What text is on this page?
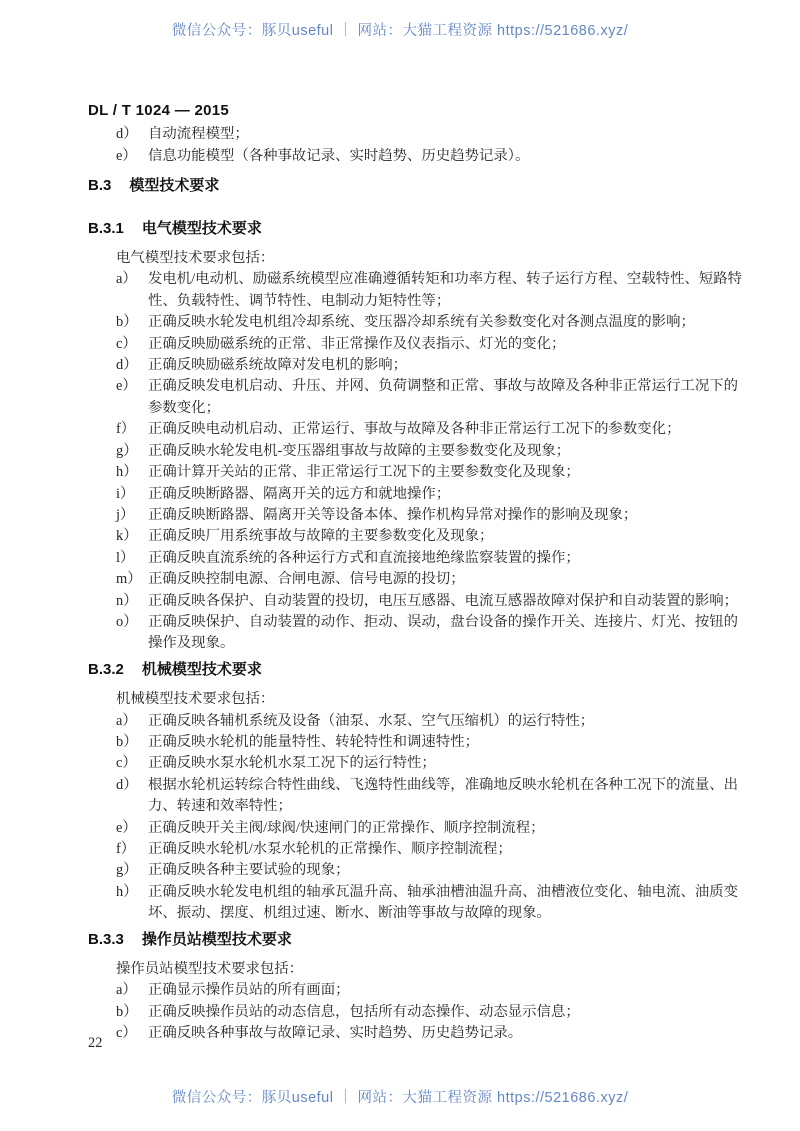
微信公众号：豚贝useful ｜ 网站：大猫工程资源 https://521686.xyz/
DL / T 1024 — 2015
d） 自动流程模型；
e） 信息功能模型（各种事故记录、实时趋势、历史趋势记录）。
B.3 模型技术要求
B.3.1 电气模型技术要求
电气模型技术要求包括：
a） 发电机/电动机、励磁系统模型应准确遵循转矩和功率方程、转子运行方程、空载特性、短路特性、负载特性、调节特性、电制动力矩特性等；
b） 正确反映水轮发电机组冷却系统、变压器冷却系统有关参数变化对各测点温度的影响；
c） 正确反映励磁系统的正常、非正常操作及仪表指示、灯光的变化；
d） 正确反映励磁系统故障对发电机的影响；
e） 正确反映发电机启动、升压、并网、负荷调整和正常、事故与故障及各种非正常运行工况下的参数变化；
f） 正确反映电动机启动、正常运行、事故与故障及各种非正常运行工况下的参数变化；
g） 正确反映水轮发电机-变压器组事故与故障的主要参数变化及现象；
h） 正确计算开关站的正常、非正常运行工况下的主要参数变化及现象；
i） 正确反映断路器、隔离开关的远方和就地操作；
j） 正确反映断路器、隔离开关等设备本体、操作机构异常对操作的影响及现象；
k） 正确反映厂用系统事故与故障的主要参数变化及现象；
l） 正确反映直流系统的各种运行方式和直流接地绝缘监察装置的操作；
m） 正确反映控制电源、合闸电源、信号电源的投切；
n） 正确反映各保护、自动装置的投切，电压互感器、电流互感器故障对保护和自动装置的影响；
o） 正确反映保护、自动装置的动作、拒动、误动，盘台设备的操作开关、连接片、灯光、按钮的操作及现象。
B.3.2 机械模型技术要求
机械模型技术要求包括：
a） 正确反映各辅机系统及设备（油泵、水泵、空气压缩机）的运行特性；
b） 正确反映水轮机的能量特性、转轮特性和调速特性；
c） 正确反映水泵水轮机水泵工况下的运行特性；
d） 根据水轮机运转综合特性曲线、飞逸特性曲线等，准确地反映水轮机在各种工况下的流量、出力、转速和效率特性；
e） 正确反映开关主阀/球阀/快速闸门的正常操作、顺序控制流程；
f） 正确反映水轮机/水泵水轮机的正常操作、顺序控制流程；
g） 正确反映各种主要试验的现象；
h） 正确反映水轮发电机组的轴承瓦温升高、轴承油槽油温升高、油槽液位变化、轴电流、油质变坏、振动、摆度、机组过速、断水、断油等事故与故障的现象。
B.3.3 操作员站模型技术要求
操作员站模型技术要求包括：
a） 正确显示操作员站的所有画面；
b） 正确反映操作员站的动态信息，包括所有动态操作、动态显示信息；
c） 正确反映各种事故与故障记录、实时趋势、历史趋势记录。
22
微信公众号：豚贝useful ｜ 网站：大猫工程资源 https://521686.xyz/
